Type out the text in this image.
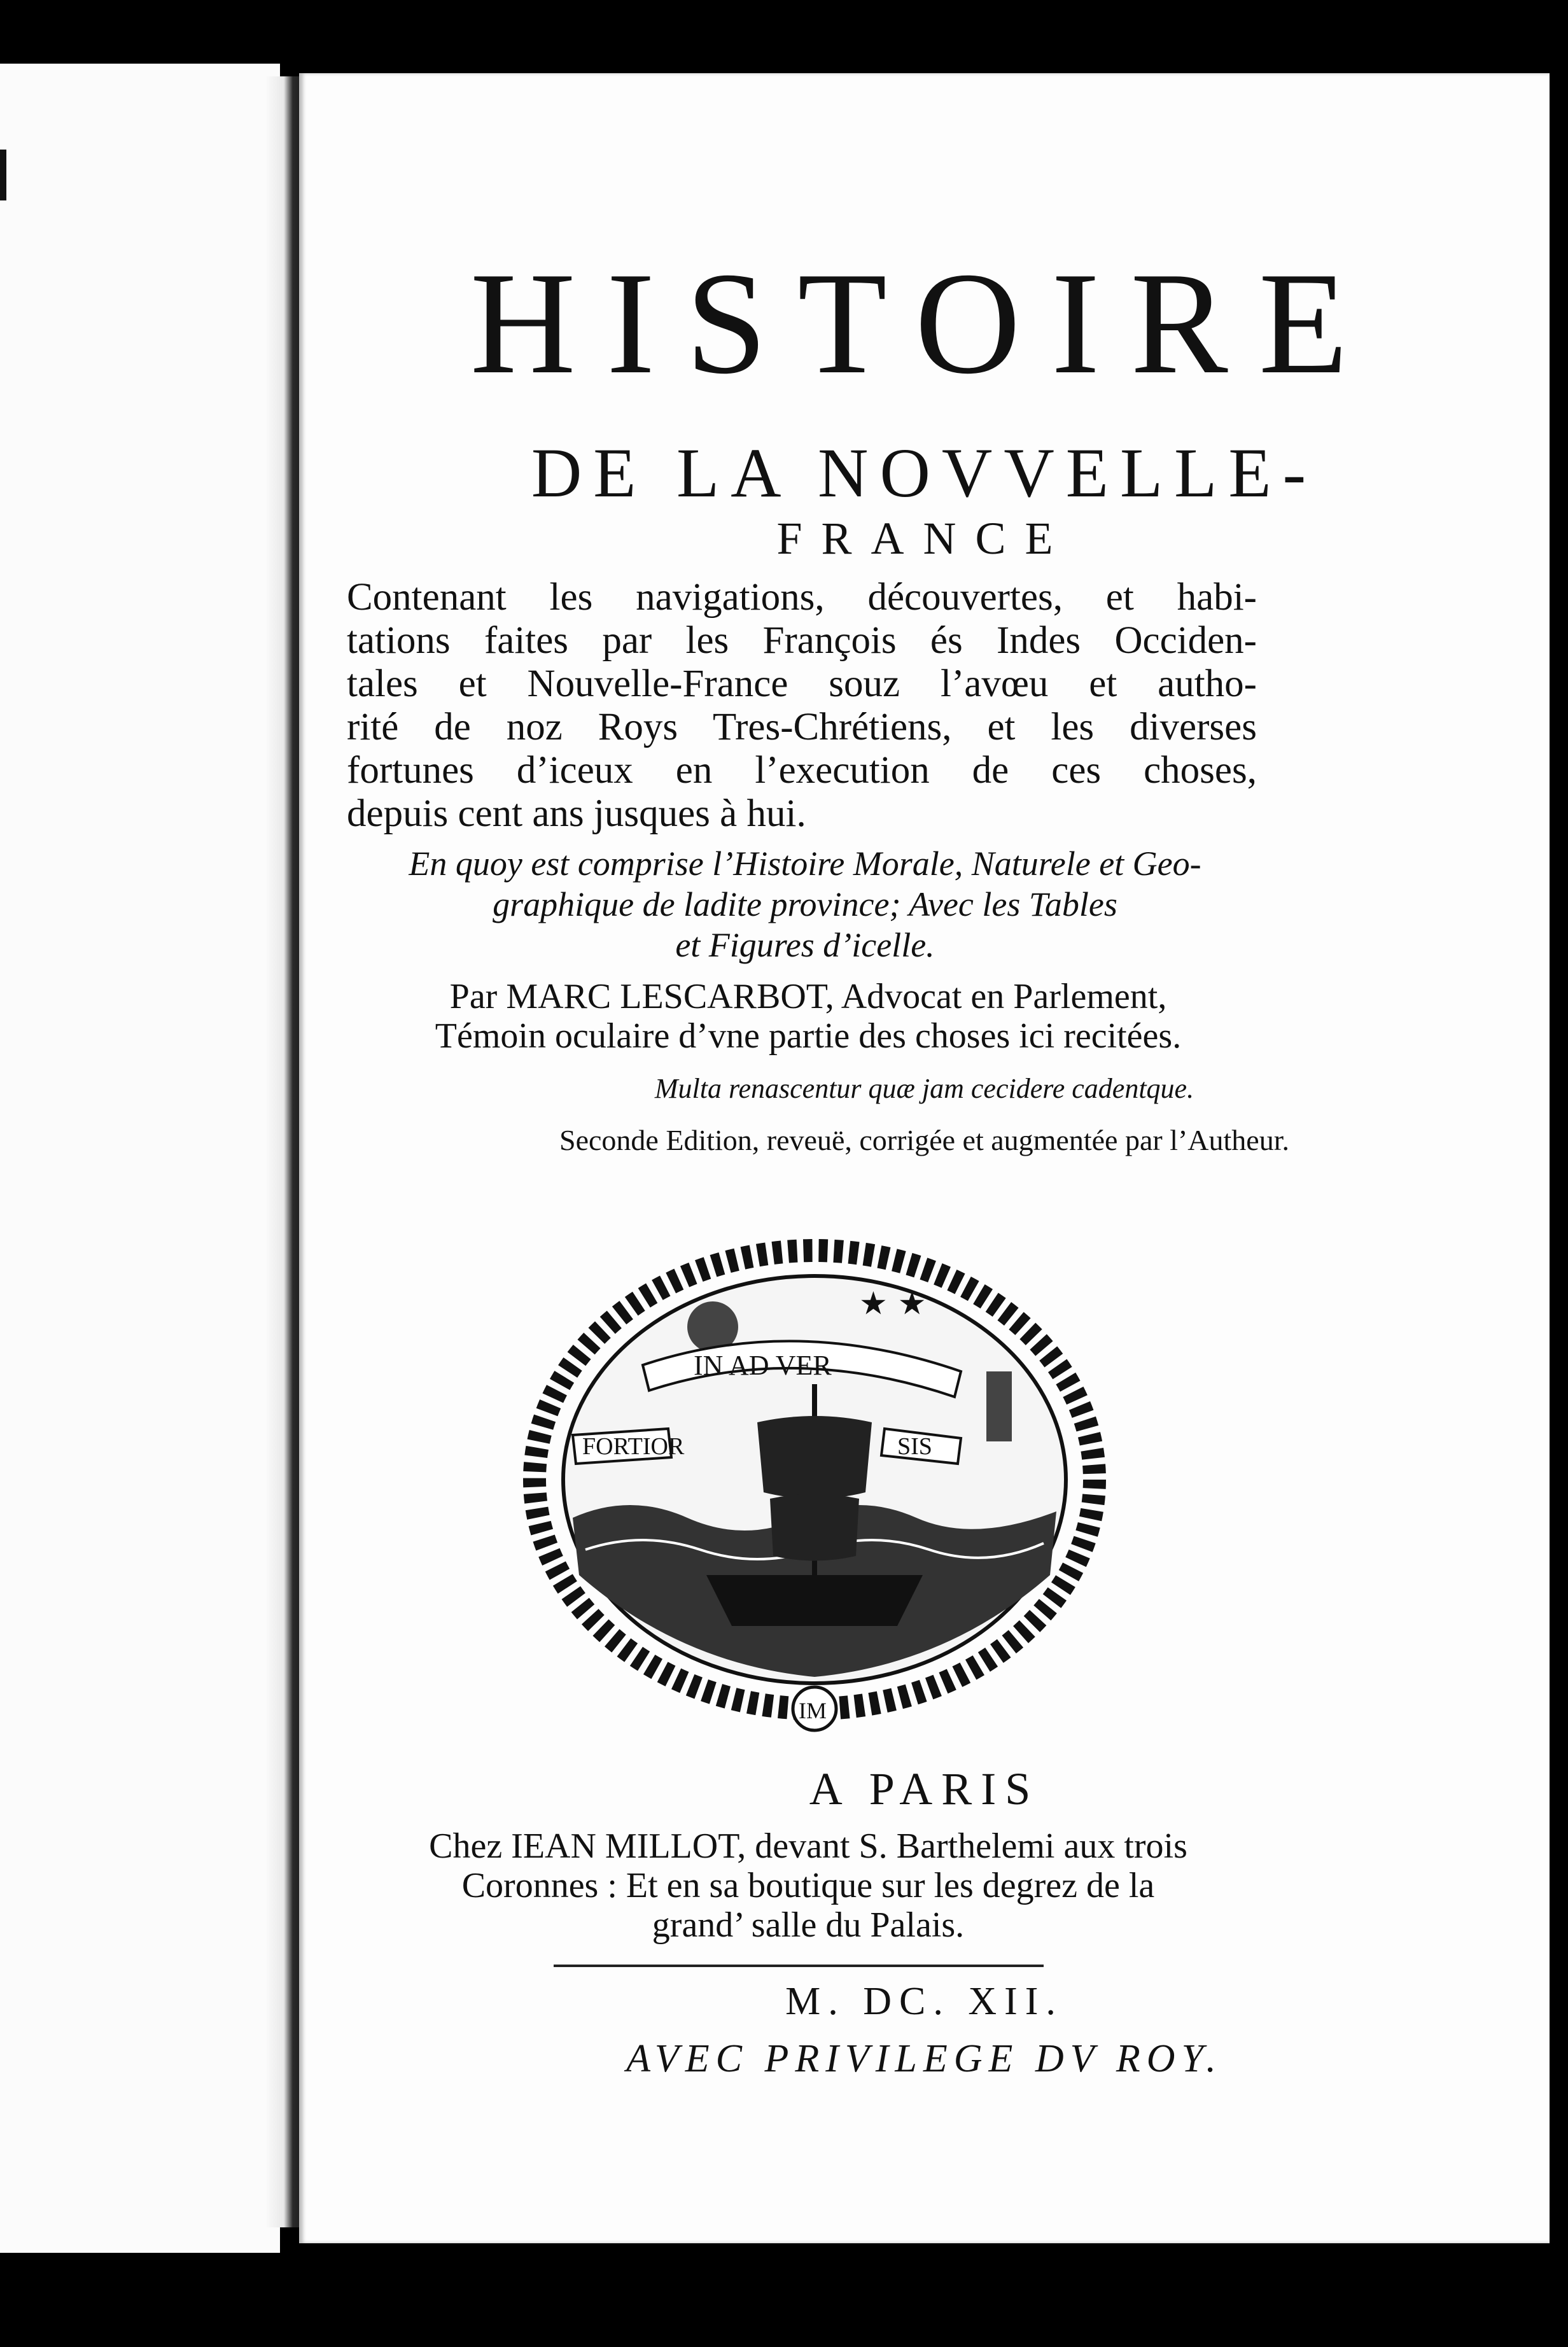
HISTOIRE
DE LA NOVVELLE-
FRANCE
Contenant les navigations, découvertes, et habi-
tations faites par les François és Indes Occiden-
tales et Nouvelle-France souz l’avœu et autho-
rité de noz Roys Tres-Chrétiens, et les diverses
fortunes d’iceux en l’execution de ces choses,
depuis cent ans jusques à hui.
En quoy est comprise l’Histoire Morale, Naturele et Geo-
graphique de ladite province; Avec les Tables
et Figures d’icelle.
Par MARC LESCARBOT, Advocat en Parlement,
Témoin oculaire d’vne partie des choses ici recitées.
Multa renascentur quæ jam cecidere cadentque.
Seconde Edition, reveuë, corrigée et augmentée par l’Autheur.
★ ★
IN AD VER
FORTIOR	SIS
IM
A PARIS
Chez IEAN MILLOT, devant S. Barthelemi aux trois
Coronnes : Et en sa boutique sur les degrez de la
grand’ salle du Palais.
M. DC. XII.
AVEC PRIVILEGE DV ROY.
